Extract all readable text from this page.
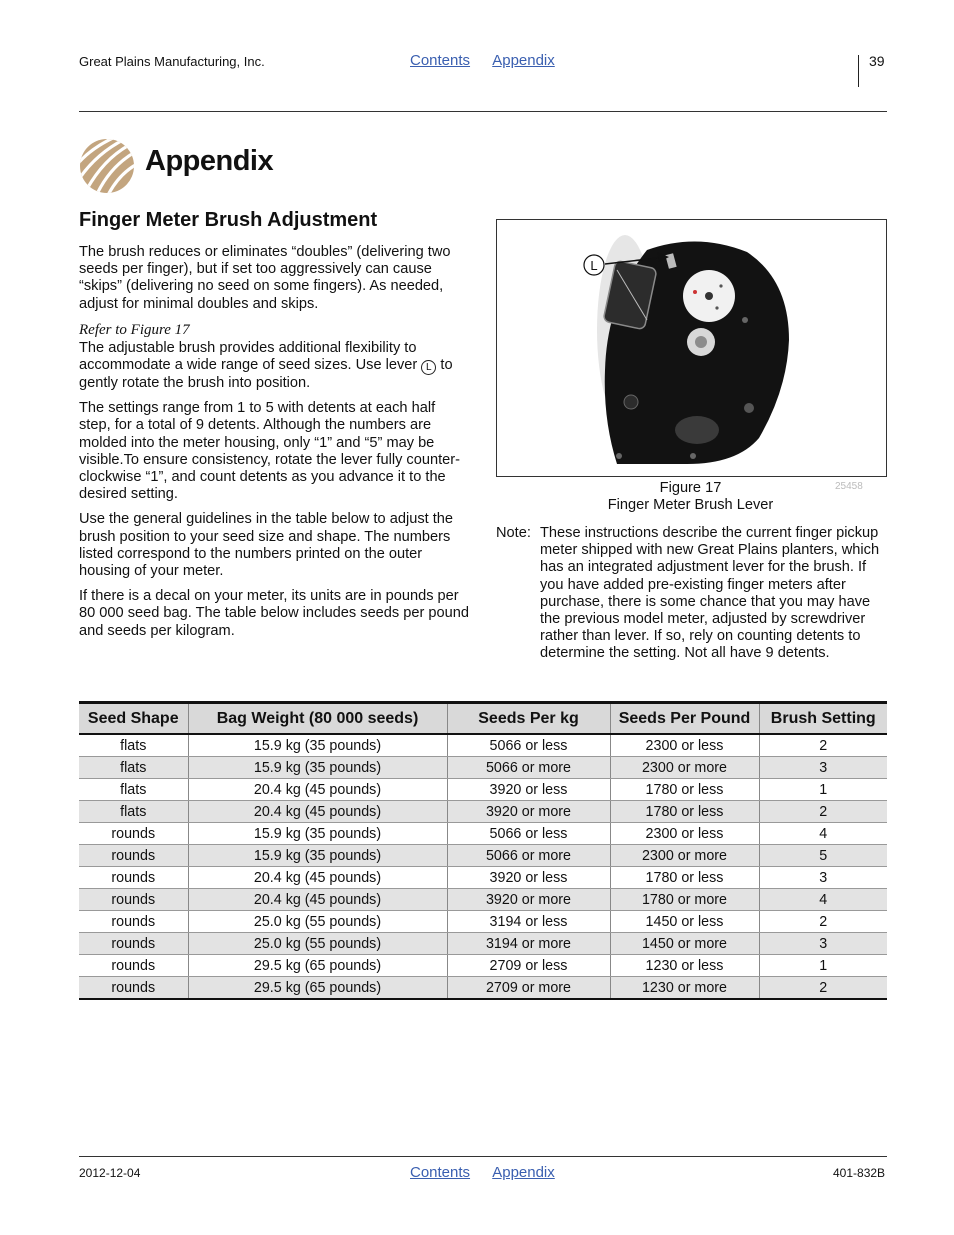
Great Plains Manufacturing, Inc.	Contents Appendix	39
Appendix
Finger Meter Brush Adjustment

The brush reduces or eliminates “doubles” (delivering two seeds per finger), but if set too aggressively can cause “skips” (delivering no seed on some fingers). As needed, adjust for minimal doubles and skips.

Refer to Figure 17

The adjustable brush provides additional flexibility to accommodate a wide range of seed sizes. Use lever L to gently rotate the brush into position.

The settings range from 1 to 5 with detents at each half step, for a total of 9 detents. Although the numbers are molded into the meter housing, only “1” and “5” may be visible.To ensure consistency, rotate the lever fully counter-clockwise “1”, and count detents as you advance it to the desired setting.

Use the general guidelines in the table below to adjust the brush position to your seed size and shape. The numbers listed correspond to the numbers printed on the outer housing of your meter.

If there is a decal on your meter, its units are in pounds per 80 000 seed bag. The table below includes seeds per pound and seeds per kilogram.

L
Figure 17
Finger Meter Brush Lever
25458
Note: These instructions describe the current finger pickup meter shipped with new Great Plains planters, which has an integrated adjustment lever for the brush. If you have added pre-existing finger meters after purchase, there is some chance that you may have the previous model meter, adjusted by screwdriver rather than lever. If so, rely on counting detents to determine the setting. Not all have 9 detents.
Seed Shape	Bag Weight (80 000 seeds)	Seeds Per kg	Seeds Per Pound	Brush Setting
flats	15.9 kg (35 pounds)	5066 or less	2300 or less	2
flats	15.9 kg (35 pounds)	5066 or more	2300 or more	3
flats	20.4 kg (45 pounds)	3920 or less	1780 or less	1
flats	20.4 kg (45 pounds)	3920 or more	1780 or less	2
rounds	15.9 kg (35 pounds)	5066 or less	2300 or less	4
rounds	15.9 kg (35 pounds)	5066 or more	2300 or more	5
rounds	20.4 kg (45 pounds)	3920 or less	1780 or less	3
rounds	20.4 kg (45 pounds)	3920 or more	1780 or more	4
rounds	25.0 kg (55 pounds)	3194 or less	1450 or less	2
rounds	25.0 kg (55 pounds)	3194 or more	1450 or more	3
rounds	29.5 kg (65 pounds)	2709 or less	1230 or less	1
rounds	29.5 kg (65 pounds)	2709 or more	1230 or more	2
2012-12-04	Contents Appendix	401-832B
